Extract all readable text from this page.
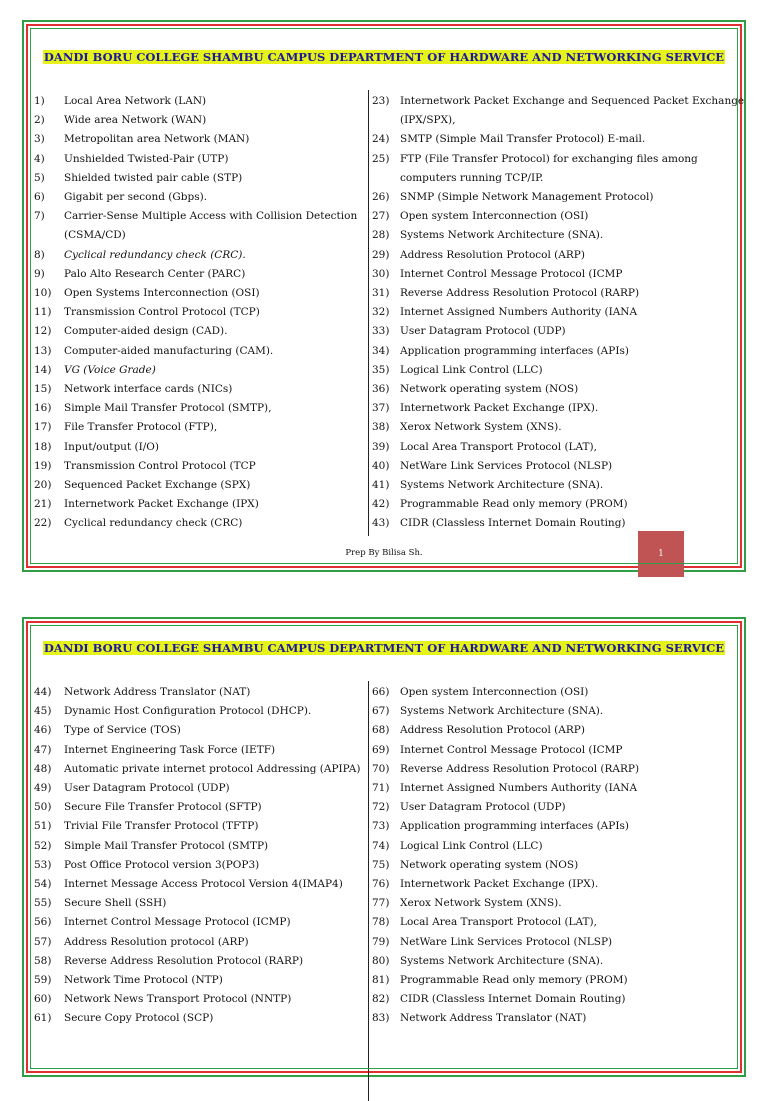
DANDI BORU COLLEGE SHAMBU CAMPUS DEPARTMENT OF HARDWARE AND NETWORKING SERVICE
1)	Local Area Network (LAN)
2)	Wide area Network (WAN)
3)	Metropolitan area Network (MAN)
4)	Unshielded Twisted-Pair (UTP)
5)	Shielded twisted pair cable (STP)
6)	Gigabit per second (Gbps).
7)	Carrier-Sense Multiple Access with Collision Detection
(CSMA/CD)
8)	Cyclical redundancy check (CRC).
9)	Palo Alto Research Center (PARC)
10)	Open Systems Interconnection (OSI)
11)	Transmission Control Protocol (TCP)
12)	Computer-aided design (CAD).
13)	Computer-aided manufacturing (CAM).
14)	VG (Voice Grade)
15)	Network interface cards (NICs)
16)	Simple Mail Transfer Protocol (SMTP),
17)	File Transfer Protocol (FTP),
18)	Input/output (I/O)
19)	Transmission Control Protocol (TCP
20)	Sequenced Packet Exchange (SPX)
21)	Internetwork Packet Exchange (IPX)
22)	Cyclical redundancy check (CRC)
23)	Internetwork Packet Exchange and Sequenced Packet Exchange
(IPX/SPX),
24)	SMTP (Simple Mail Transfer Protocol) E-mail.
25)	FTP (File Transfer Protocol) for exchanging files among
computers running TCP/IP.
26)	SNMP (Simple Network Management Protocol)
27)	Open system Interconnection (OSI)
28)	Systems Network Architecture (SNA).
29)	Address Resolution Protocol (ARP)
30)	Internet Control Message Protocol (ICMP
31)	Reverse Address Resolution Protocol (RARP)
32)	Internet Assigned Numbers Authority (IANA
33)	User Datagram Protocol (UDP)
34)	Application programming interfaces (APIs)
35)	Logical Link Control (LLC)
36)	Network operating system (NOS)
37)	Internetwork Packet Exchange (IPX).
38)	Xerox Network System (XNS).
39)	Local Area Transport Protocol (LAT),
40)	NetWare Link Services Protocol (NLSP)
41)	Systems Network Architecture (SNA).
42)	Programmable Read only memory (PROM)
43)	CIDR (Classless Internet Domain Routing)
Prep By Bilisa Sh.	1
DANDI BORU COLLEGE SHAMBU CAMPUS DEPARTMENT OF HARDWARE AND NETWORKING SERVICE
44)	Network Address Translator (NAT)
45)	Dynamic Host Configuration Protocol (DHCP).
46)	Type of Service (TOS)
47)	Internet Engineering Task Force (IETF)
48)	Automatic private internet protocol Addressing (APIPA)
49)	User Datagram Protocol (UDP)
50)	Secure File Transfer Protocol (SFTP)
51)	Trivial File Transfer Protocol (TFTP)
52)	Simple Mail Transfer Protocol (SMTP)
53)	Post Office Protocol version 3(POP3)
54)	Internet Message Access Protocol Version 4(IMAP4)
55)	Secure Shell (SSH)
56)	Internet Control Message Protocol (ICMP)
57)	Address Resolution protocol (ARP)
58)	Reverse Address Resolution Protocol (RARP)
59)	Network Time Protocol (NTP)
60)	Network News Transport Protocol (NNTP)
61)	Secure Copy Protocol (SCP)
66)	Open system Interconnection (OSI)
67)	Systems Network Architecture (SNA).
68)	Address Resolution Protocol (ARP)
69)	Internet Control Message Protocol (ICMP
70)	Reverse Address Resolution Protocol (RARP)
71)	Internet Assigned Numbers Authority (IANA
72)	User Datagram Protocol (UDP)
73)	Application programming interfaces (APIs)
74)	Logical Link Control (LLC)
75)	Network operating system (NOS)
76)	Internetwork Packet Exchange (IPX).
77)	Xerox Network System (XNS).
78)	Local Area Transport Protocol (LAT),
79)	NetWare Link Services Protocol (NLSP)
80)	Systems Network Architecture (SNA).
81)	Programmable Read only memory (PROM)
82)	CIDR (Classless Internet Domain Routing)
83)	Network Address Translator (NAT)
